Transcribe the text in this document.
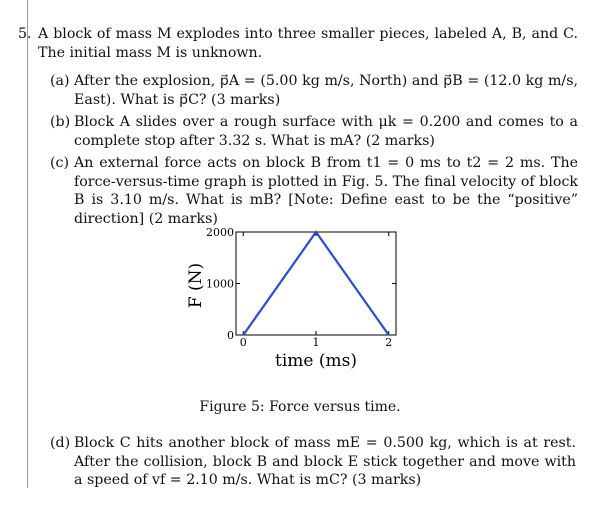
5. A block of mass M explodes into three smaller pieces, labeled A, B, and C. The initial mass M is unknown.
(a) After the explosion, p⃗A = (5.00 kg m/s, North) and p⃗B = (12.0 kg m/s, East). What is p⃗C? (3 marks)
(b) Block A slides over a rough surface with μk = 0.200 and comes to a complete stop after 3.32 s. What is mA? (2 marks)
(c) An external force acts on block B from t1 = 0 ms to t2 = 2 ms. The force-versus-time graph is plotted in Fig. 5. The final velocity of block B is 3.10 m/s. What is mB? [Note: Define east to be the “positive” direction] (2 marks)
0
1000
2000
0	1	2
time (ms)
F (N)
Figure 5: Force versus time.
(d) Block C hits another block of mass mE = 0.500 kg, which is at rest. After the collision, block B and block E stick together and move with a speed of vf = 2.10 m/s. What is mC? (3 marks)
